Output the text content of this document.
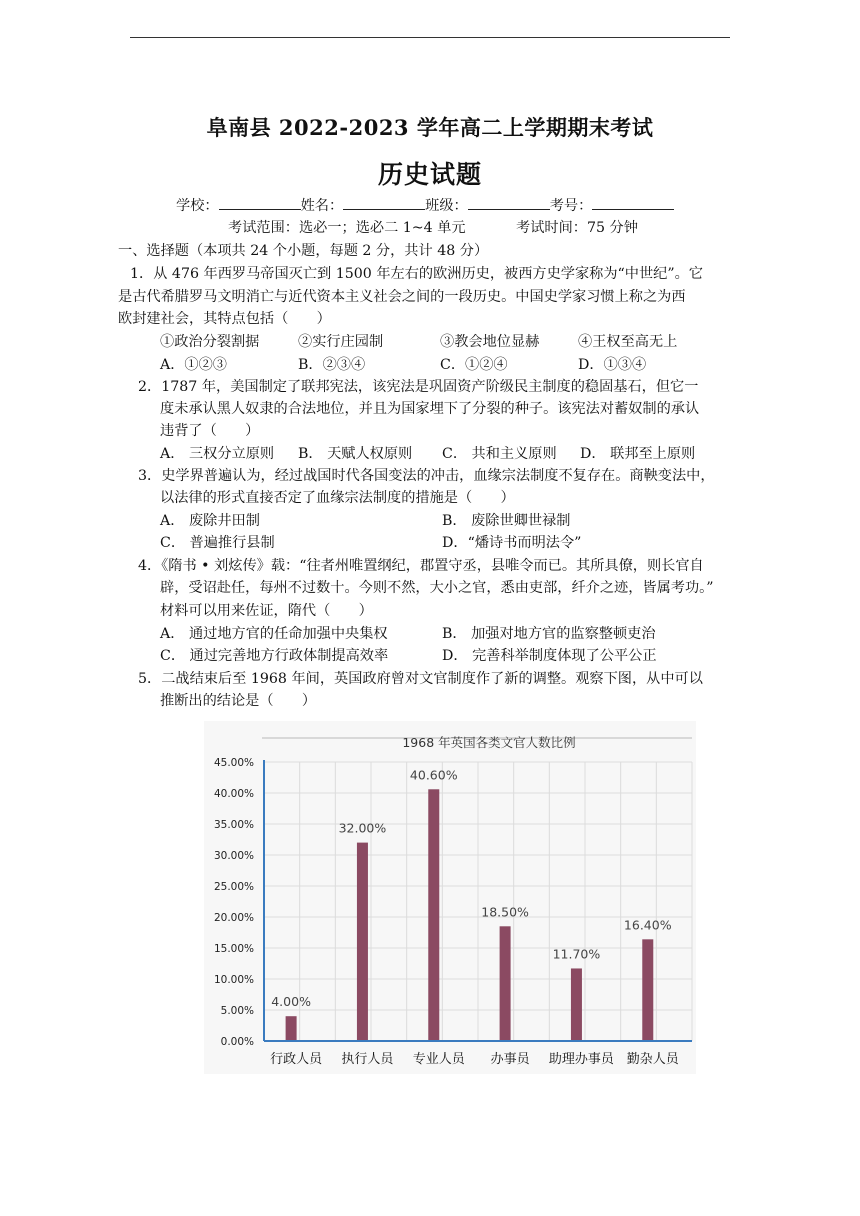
阜南县 2022-2023 学年高二上学期期末考试
历史试题
学校：	姓名：	班级：	考号：
考试范围：选必一；选必二 1~4 单元	考试时间：75 分钟
一、选择题（本项共 24 个小题，每题 2 分，共计 48 分）
1．从 476 年西罗马帝国灭亡到 1500 年左右的欧洲历史，被西方史学家称为“中世纪”。它
是古代希腊罗马文明消亡与近代资本主义社会之间的一段历史。中国史学家习惯上称之为西
欧封建社会，其特点包括（　　）
①政治分裂割据	②实行庄园制	③教会地位显赫	④王权至高无上
A．①②③	B．②③④	C．①②④	D．①③④
2．1787 年，美国制定了联邦宪法，该宪法是巩固资产阶级民主制度的稳固基石，但它一
度未承认黑人奴隶的合法地位，并且为国家埋下了分裂的种子。该宪法对蓄奴制的承认
违背了（　　）
A． 三权分立原则 B． 天赋人权原则 C． 共和主义原则 D． 联邦至上原则
3．史学界普遍认为，经过战国时代各国变法的冲击，血缘宗法制度不复存在。商鞅变法中，
以法律的形式直接否定了血缘宗法制度的措施是（　　）
A． 废除井田制	B． 废除世卿世禄制
C． 普遍推行县制	D．“燔诗书而明法令”
4．《隋书 • 刘炫传》载：“往者州唯置纲纪，郡置守丞，县唯令而已。其所具僚，则长官自
辟，受诏赴任，每州不过数十。今则不然，大小之官，悉由吏部，纤介之迹，皆属考功。”
材料可以用来佐证，隋代（　　）
A． 通过地方官的任命加强中央集权	B． 加强对地方官的监察整顿吏治
C． 通过完善地方行政体制提高效率	D． 完善科举制度体现了公平公正
5．二战结束后至 1968 年间，英国政府曾对文官制度作了新的调整。观察下图，从中可以
推断出的结论是（　　）
1968 年英国各类文官人数比例
0.00%
5.00%
10.00%
15.00%
20.00%
25.00%
30.00%
35.00%
40.00%
45.00%
4.00%
32.00%
40.60%
18.50%
11.70%
16.40%
行政人员 执行人员 专业人员 办事员 助理办事员 勤杂人员
